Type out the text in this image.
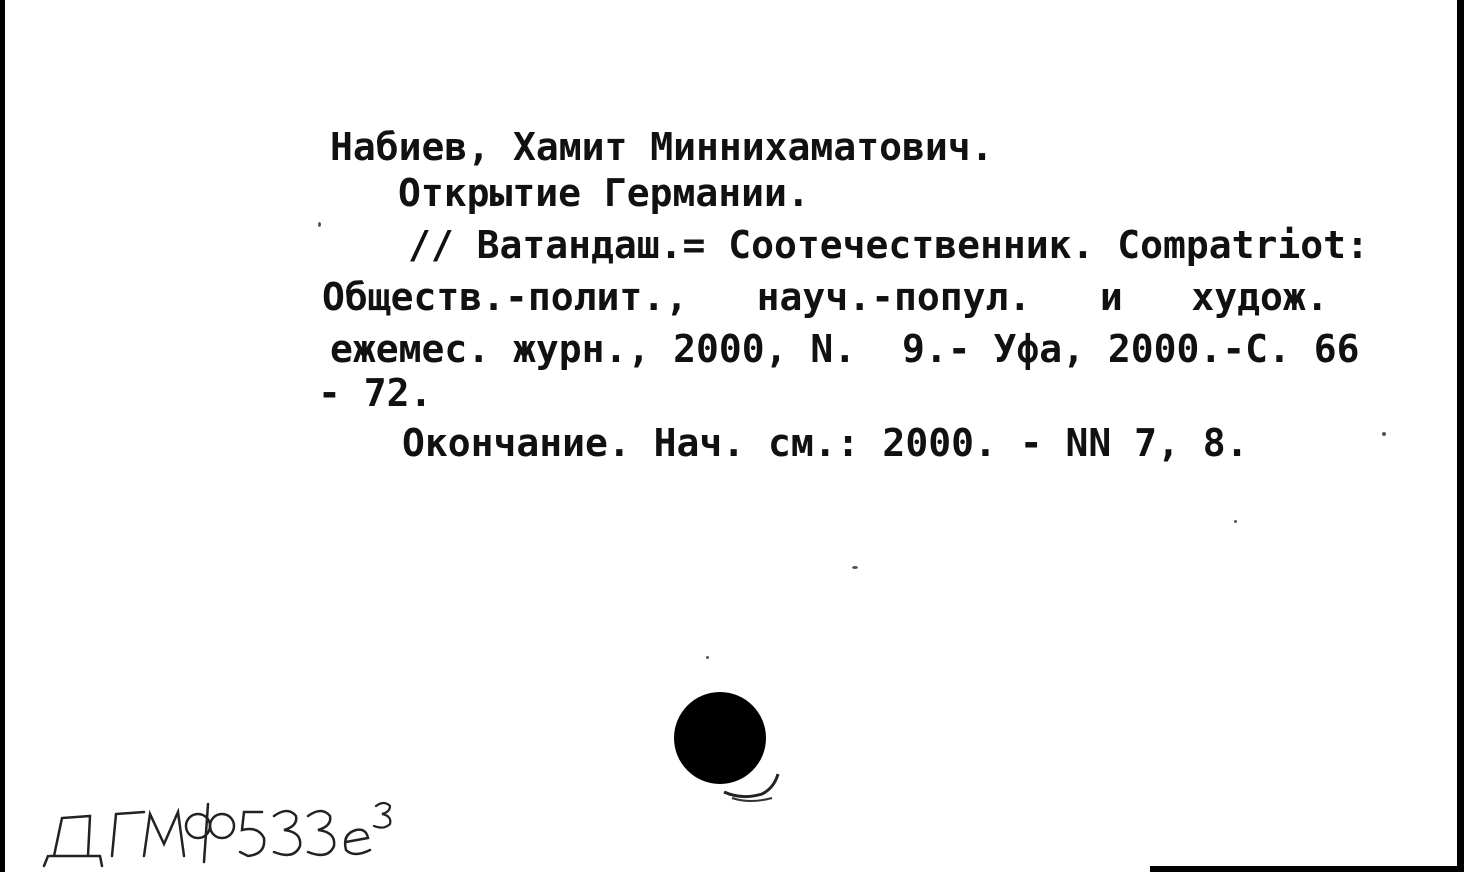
Набиев, Хамит Миннихаматович.
Открытие Германии.
// Ватандаш.= Соотечественник. Compatriot:
Обществ.-полит.,   науч.-попул.   и   худож.
ежемес. журн., 2000, N.  9.- Уфа, 2000.-С. 66
- 72.
Окончание. Нач. см.: 2000. - NN 7, 8.
